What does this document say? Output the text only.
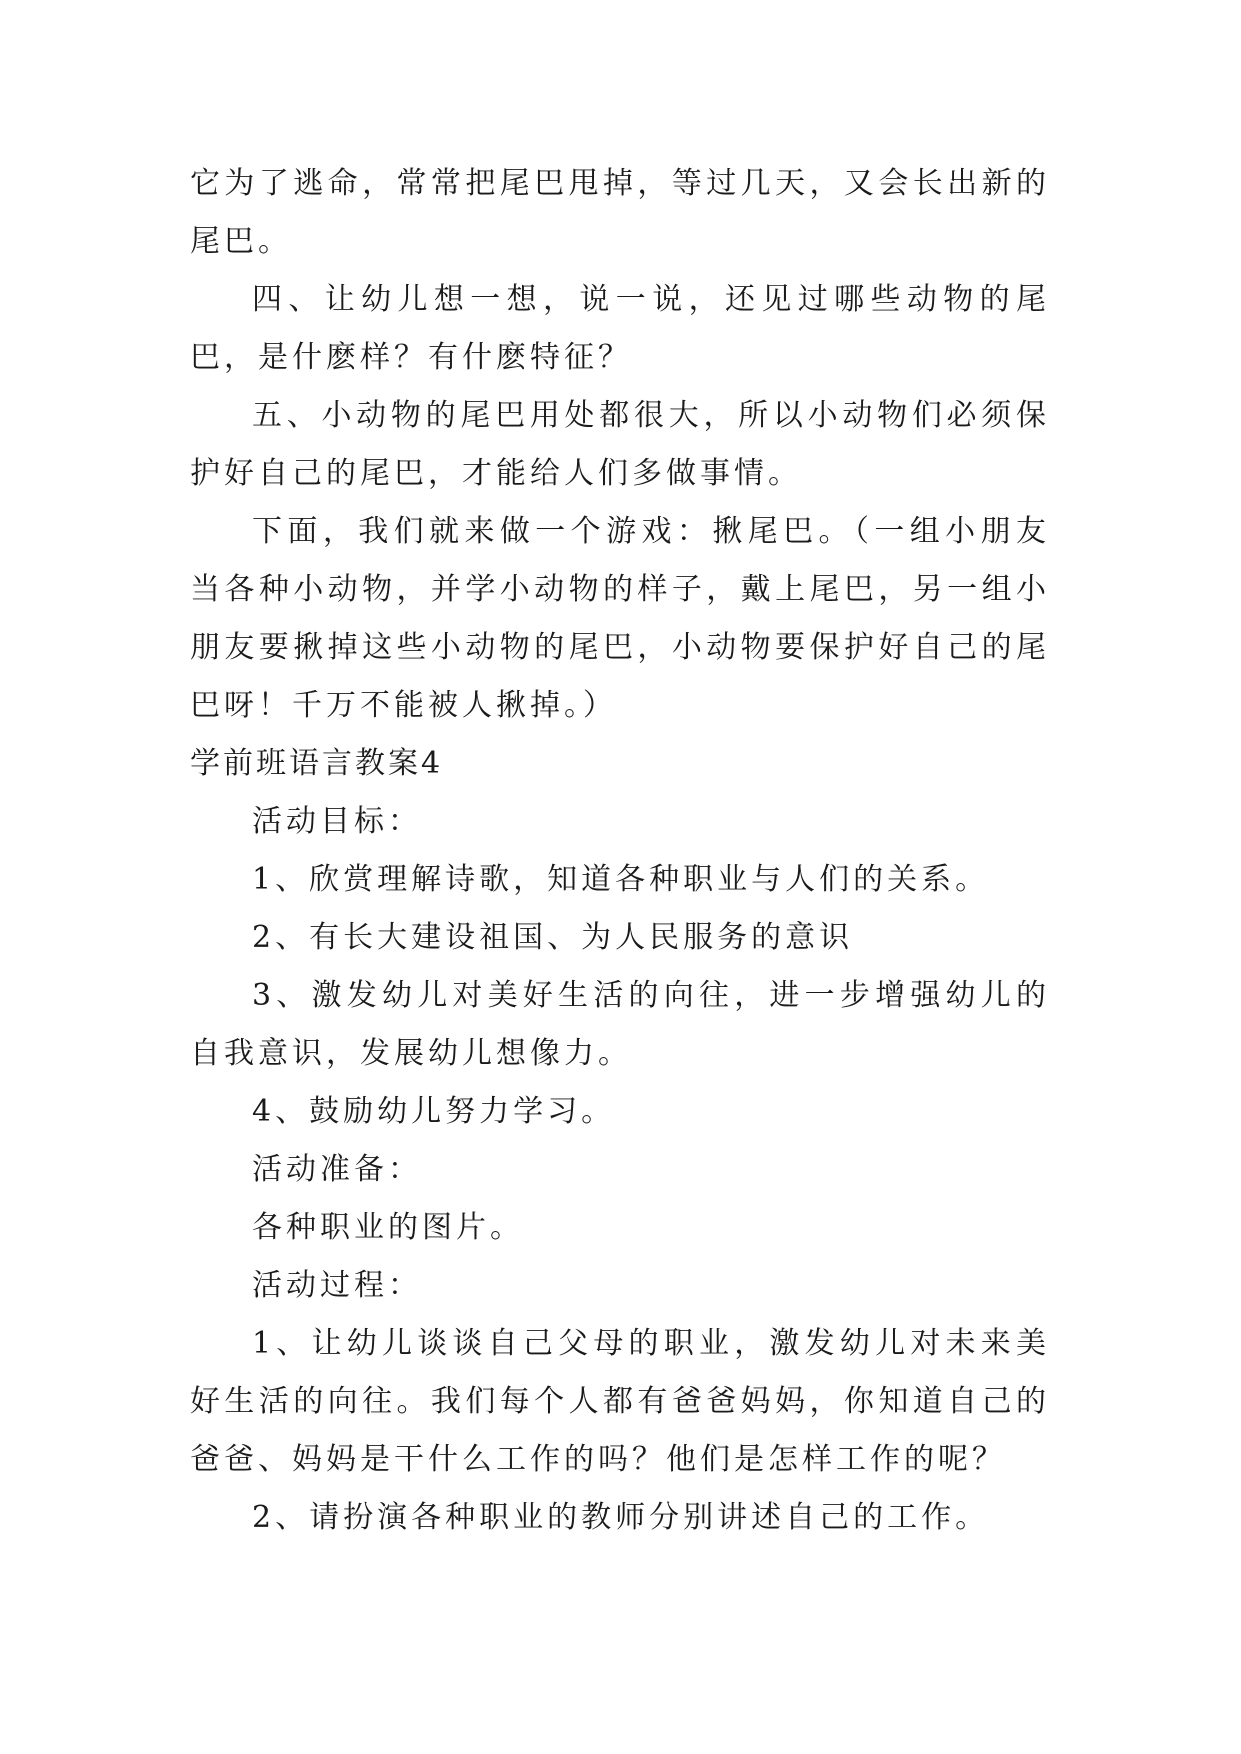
它为了逃命，常常把尾巴甩掉，等过几天，又会长出新的尾巴。

四、让幼儿想一想，说一说，还见过哪些动物的尾巴，是什麽样？有什麽特征？

五、小动物的尾巴用处都很大，所以小动物们必须保护好自己的尾巴，才能给人们多做事情。

下面，我们就来做一个游戏：揪尾巴。（一组小朋友当各种小动物，并学小动物的样子，戴上尾巴，另一组小朋友要揪掉这些小动物的尾巴，小动物要保护好自己的尾巴呀！千万不能被人揪掉。）

学前班语言教案4

活动目标：

1、欣赏理解诗歌，知道各种职业与人们的关系。

2、有长大建设祖国、为人民服务的意识

3、激发幼儿对美好生活的向往，进一步增强幼儿的自我意识，发展幼儿想像力。

4、鼓励幼儿努力学习。

活动准备：

各种职业的图片。

活动过程：

1、让幼儿谈谈自己父母的职业，激发幼儿对未来美好生活的向往。我们每个人都有爸爸妈妈，你知道自己的爸爸、妈妈是干什么工作的吗？他们是怎样工作的呢？

2、请扮演各种职业的教师分别讲述自己的工作。
